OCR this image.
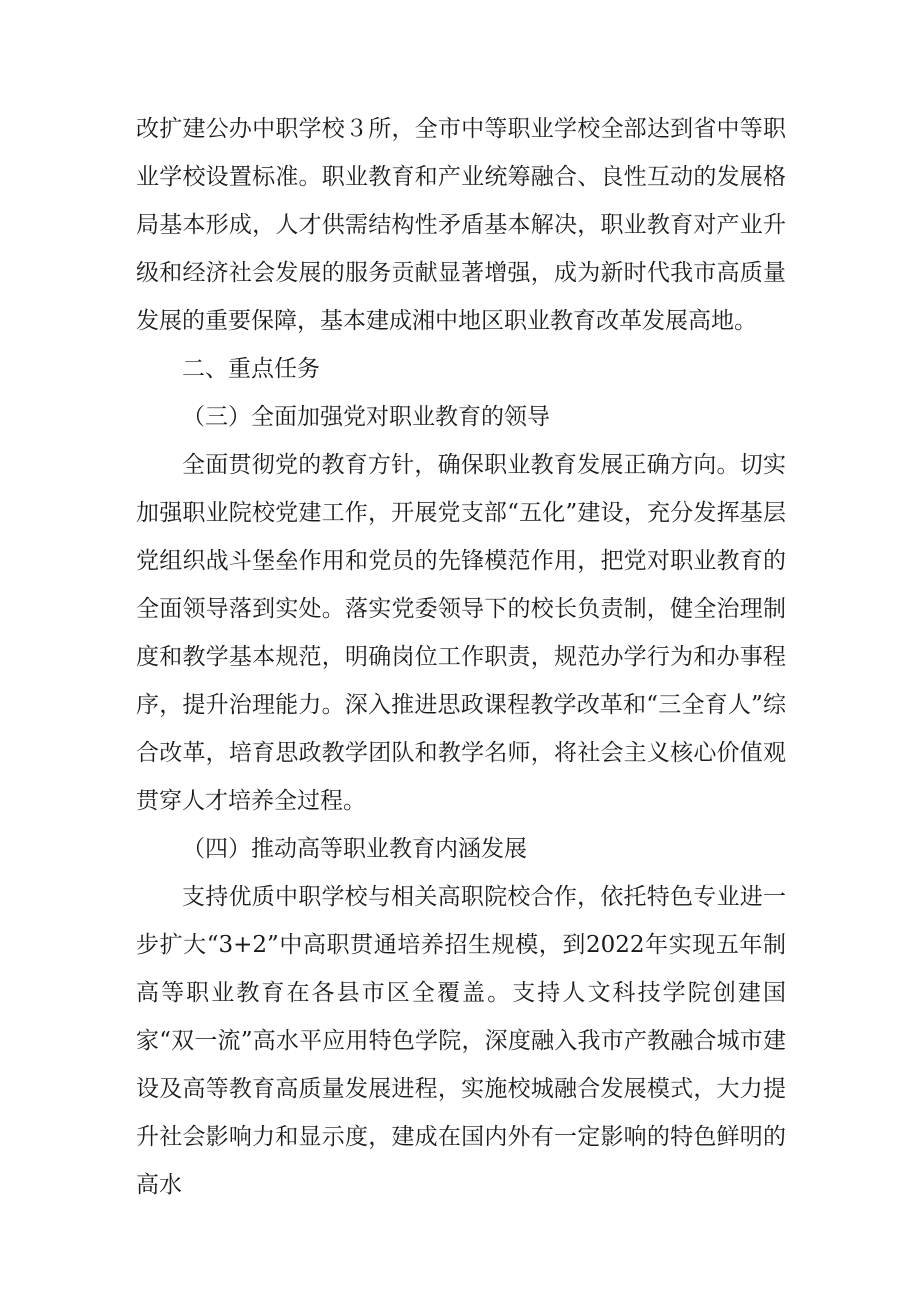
改扩建公办中职学校３所，全市中等职业学校全部达到省中等职业学校设置标准。职业教育和产业统筹融合、良性互动的发展格局基本形成，人才供需结构性矛盾基本解决，职业教育对产业升级和经济社会发展的服务贡献显著增强，成为新时代我市高质量发展的重要保障，基本建成湘中地区职业教育改革发展高地。

二、重点任务

（三）全面加强党对职业教育的领导

全面贯彻党的教育方针，确保职业教育发展正确方向。切实加强职业院校党建工作，开展党支部“五化”建设，充分发挥基层党组织战斗堡垒作用和党员的先锋模范作用，把党对职业教育的全面领导落到实处。落实党委领导下的校长负责制，健全治理制度和教学基本规范，明确岗位工作职责，规范办学行为和办事程序，提升治理能力。深入推进思政课程教学改革和“三全育人”综合改革，培育思政教学团队和教学名师，将社会主义核心价值观贯穿人才培养全过程。

（四）推动高等职业教育内涵发展

支持优质中职学校与相关高职院校合作，依托特色专业进一步扩大“3+2”中高职贯通培养招生规模，到2022年实现五年制高等职业教育在各县市区全覆盖。支持人文科技学院创建国家“双一流”高水平应用特色学院，深度融入我市产教融合城市建设及高等教育高质量发展进程，实施校城融合发展模式，大力提升社会影响力和显示度，建成在国内外有一定影响的特色鲜明的高水
